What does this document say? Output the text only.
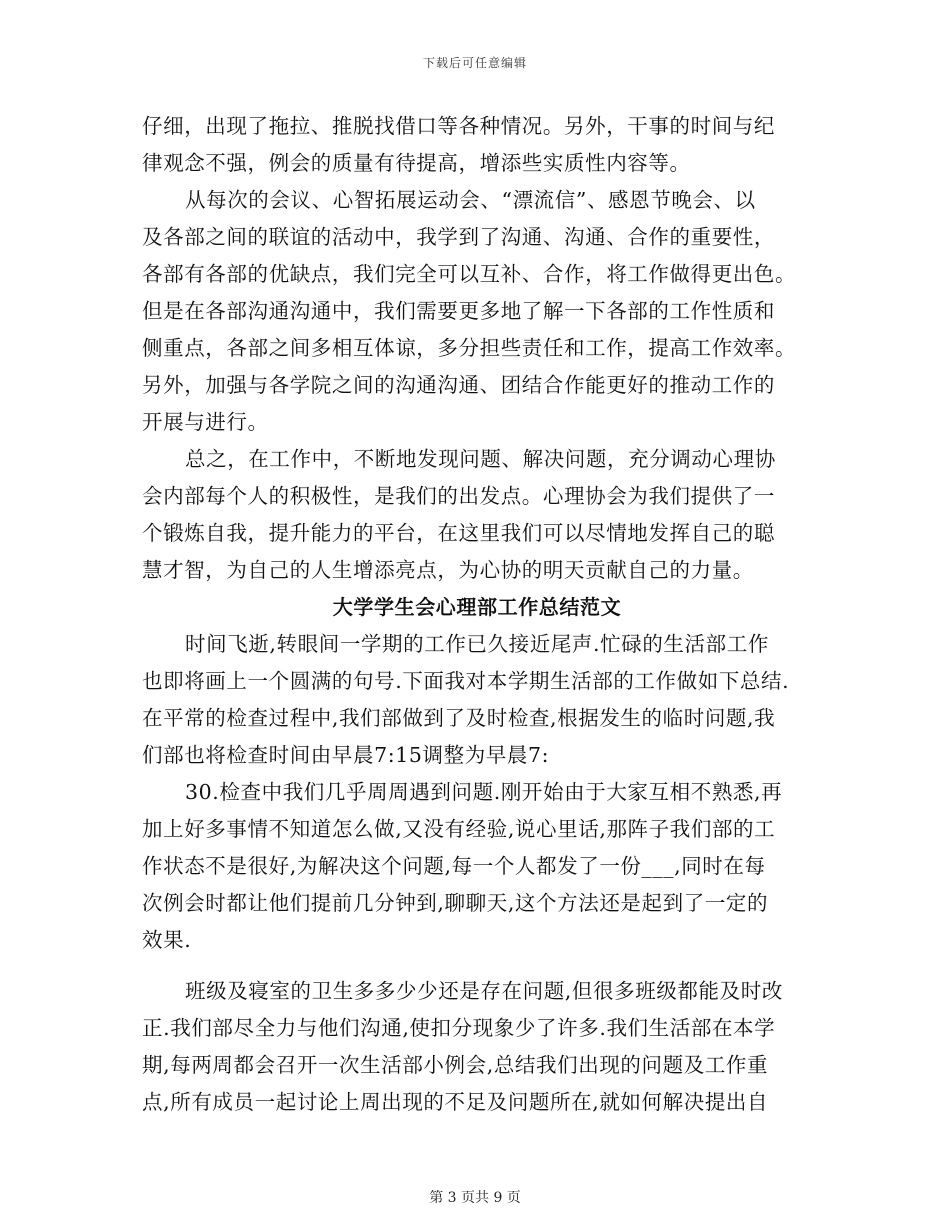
下载后可任意编辑
仔细，出现了拖拉、推脱找借口等各种情况。另外，干事的时间与纪
律观念不强，例会的质量有待提高，增添些实质性内容等。
从每次的会议、心智拓展运动会、“漂流信”、感恩节晚会、以
及各部之间的联谊的活动中，我学到了沟通、沟通、合作的重要性，
各部有各部的优缺点，我们完全可以互补、合作，将工作做得更出色。
但是在各部沟通沟通中，我们需要更多地了解一下各部的工作性质和
侧重点，各部之间多相互体谅，多分担些责任和工作，提高工作效率。
另外，加强与各学院之间的沟通沟通、团结合作能更好的推动工作的
开展与进行。
总之，在工作中，不断地发现问题、解决问题，充分调动心理协
会内部每个人的积极性，是我们的出发点。心理协会为我们提供了一
个锻炼自我，提升能力的平台，在这里我们可以尽情地发挥自己的聪
慧才智，为自己的人生增添亮点，为心协的明天贡献自己的力量。
大学学生会心理部工作总结范文
时间飞逝,转眼间一学期的工作已久接近尾声.忙碌的生活部工作
也即将画上一个圆满的句号.下面我对本学期生活部的工作做如下总结.
在平常的检查过程中,我们部做到了及时检查,根据发生的临时问题,我
们部也将检查时间由早晨7:15调整为早晨7:
30.检查中我们几乎周周遇到问题.刚开始由于大家互相不熟悉,再
加上好多事情不知道怎么做,又没有经验,说心里话,那阵子我们部的工
作状态不是很好,为解决这个问题,每一个人都发了一份___,同时在每
次例会时都让他们提前几分钟到,聊聊天,这个方法还是起到了一定的
效果.
班级及寝室的卫生多多少少还是存在问题,但很多班级都能及时改
正.我们部尽全力与他们沟通,使扣分现象少了许多.我们生活部在本学
期,每两周都会召开一次生活部小例会,总结我们出现的问题及工作重
点,所有成员一起讨论上周出现的不足及问题所在,就如何解决提出自
第 3 页共 9 页
